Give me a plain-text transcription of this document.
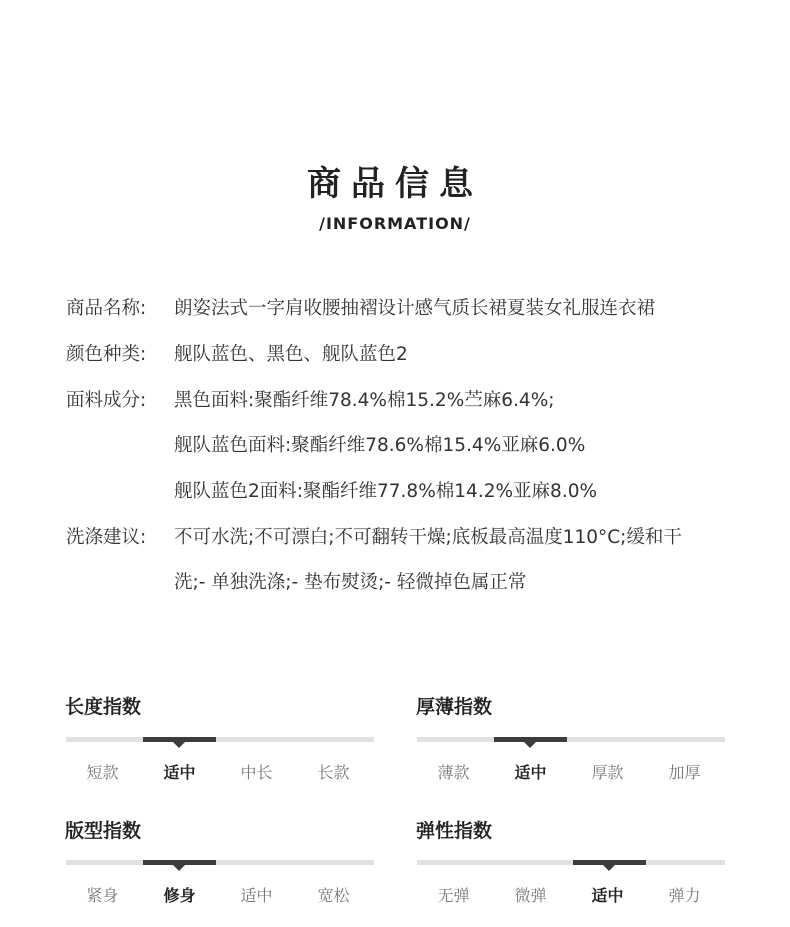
商品信息
/INFORMATION/
商品名称:	朗姿法式一字肩收腰抽褶设计感气质长裙夏装女礼服连衣裙
颜色种类:	舰队蓝色、黑色、舰队蓝色2
面料成分:	黑色面料:聚酯纤维78.4%棉15.2%苎麻6.4%;
舰队蓝色面料:聚酯纤维78.6%棉15.4%亚麻6.0%
舰队蓝色2面料:聚酯纤维77.8%棉14.2%亚麻8.0%
洗涤建议:	不可水洗;不可漂白;不可翻转干燥;底板最高温度110°C;缓和干
洗;- 单独洗涤;- 垫布熨烫;- 轻微掉色属正常
长度指数
短款	适中	中长	长款
厚薄指数
薄款	适中	厚款	加厚
版型指数
紧身	修身	适中	宽松
弹性指数
无弹	微弹	适中	弹力
